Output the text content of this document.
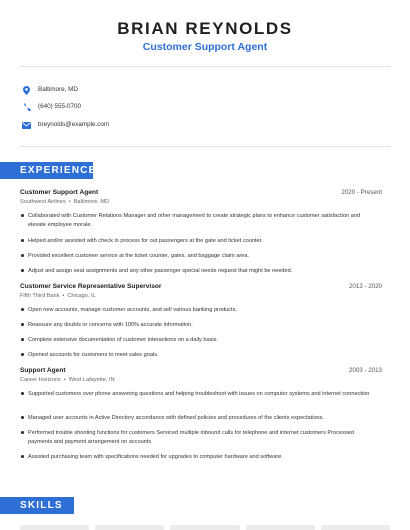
BRIAN REYNOLDS
Customer Support Agent
Baltimore, MD
(640) 555-0700
breynolds@example.com
EXPERIENCE
Customer Support Agent	2020 - Present
Southwest Airlines • Baltimore, MD
Collaborated with Customer Relations Manager and other management to create strategic plans to enhance customer satisfaction and elevate employee morale.
Helped and/or assisted with check in process for out passengers at the gate and ticket counter.
Provided excellent customer service at the ticket counter, gates, and baggage claim area.
Adjust and assign seat assignments and any other passenger special needs request that might be needed.
Customer Service Representative Supervisor	2013 - 2020
Fifth Third Bank • Chicago, IL
Open new accounts, manage customer accounts, and sell various banking products.
Reassure any doubts or concerns with 100% accurate information.
Complete extensive documentation of customer interactions on a daily basis.
Opened accounts for customers to meet sales goals.
Support Agent	2003 - 2013
Career Horizons • West Lafayette, IN
Supported customers over phone answering questions and helping troubleshoot with issues on computer systems and internet connection
Managed user accounts in Active Directory accordance with defined policies and procedures of the clients expectations.
Performed trouble shooting functions for customers Serviced multiple inbound calls for telephone and internet customers Processed payments and payment arrangement on accounts
Assisted purchasing team with specifications needed for upgrades to computer hardware and software.
SKILLS
